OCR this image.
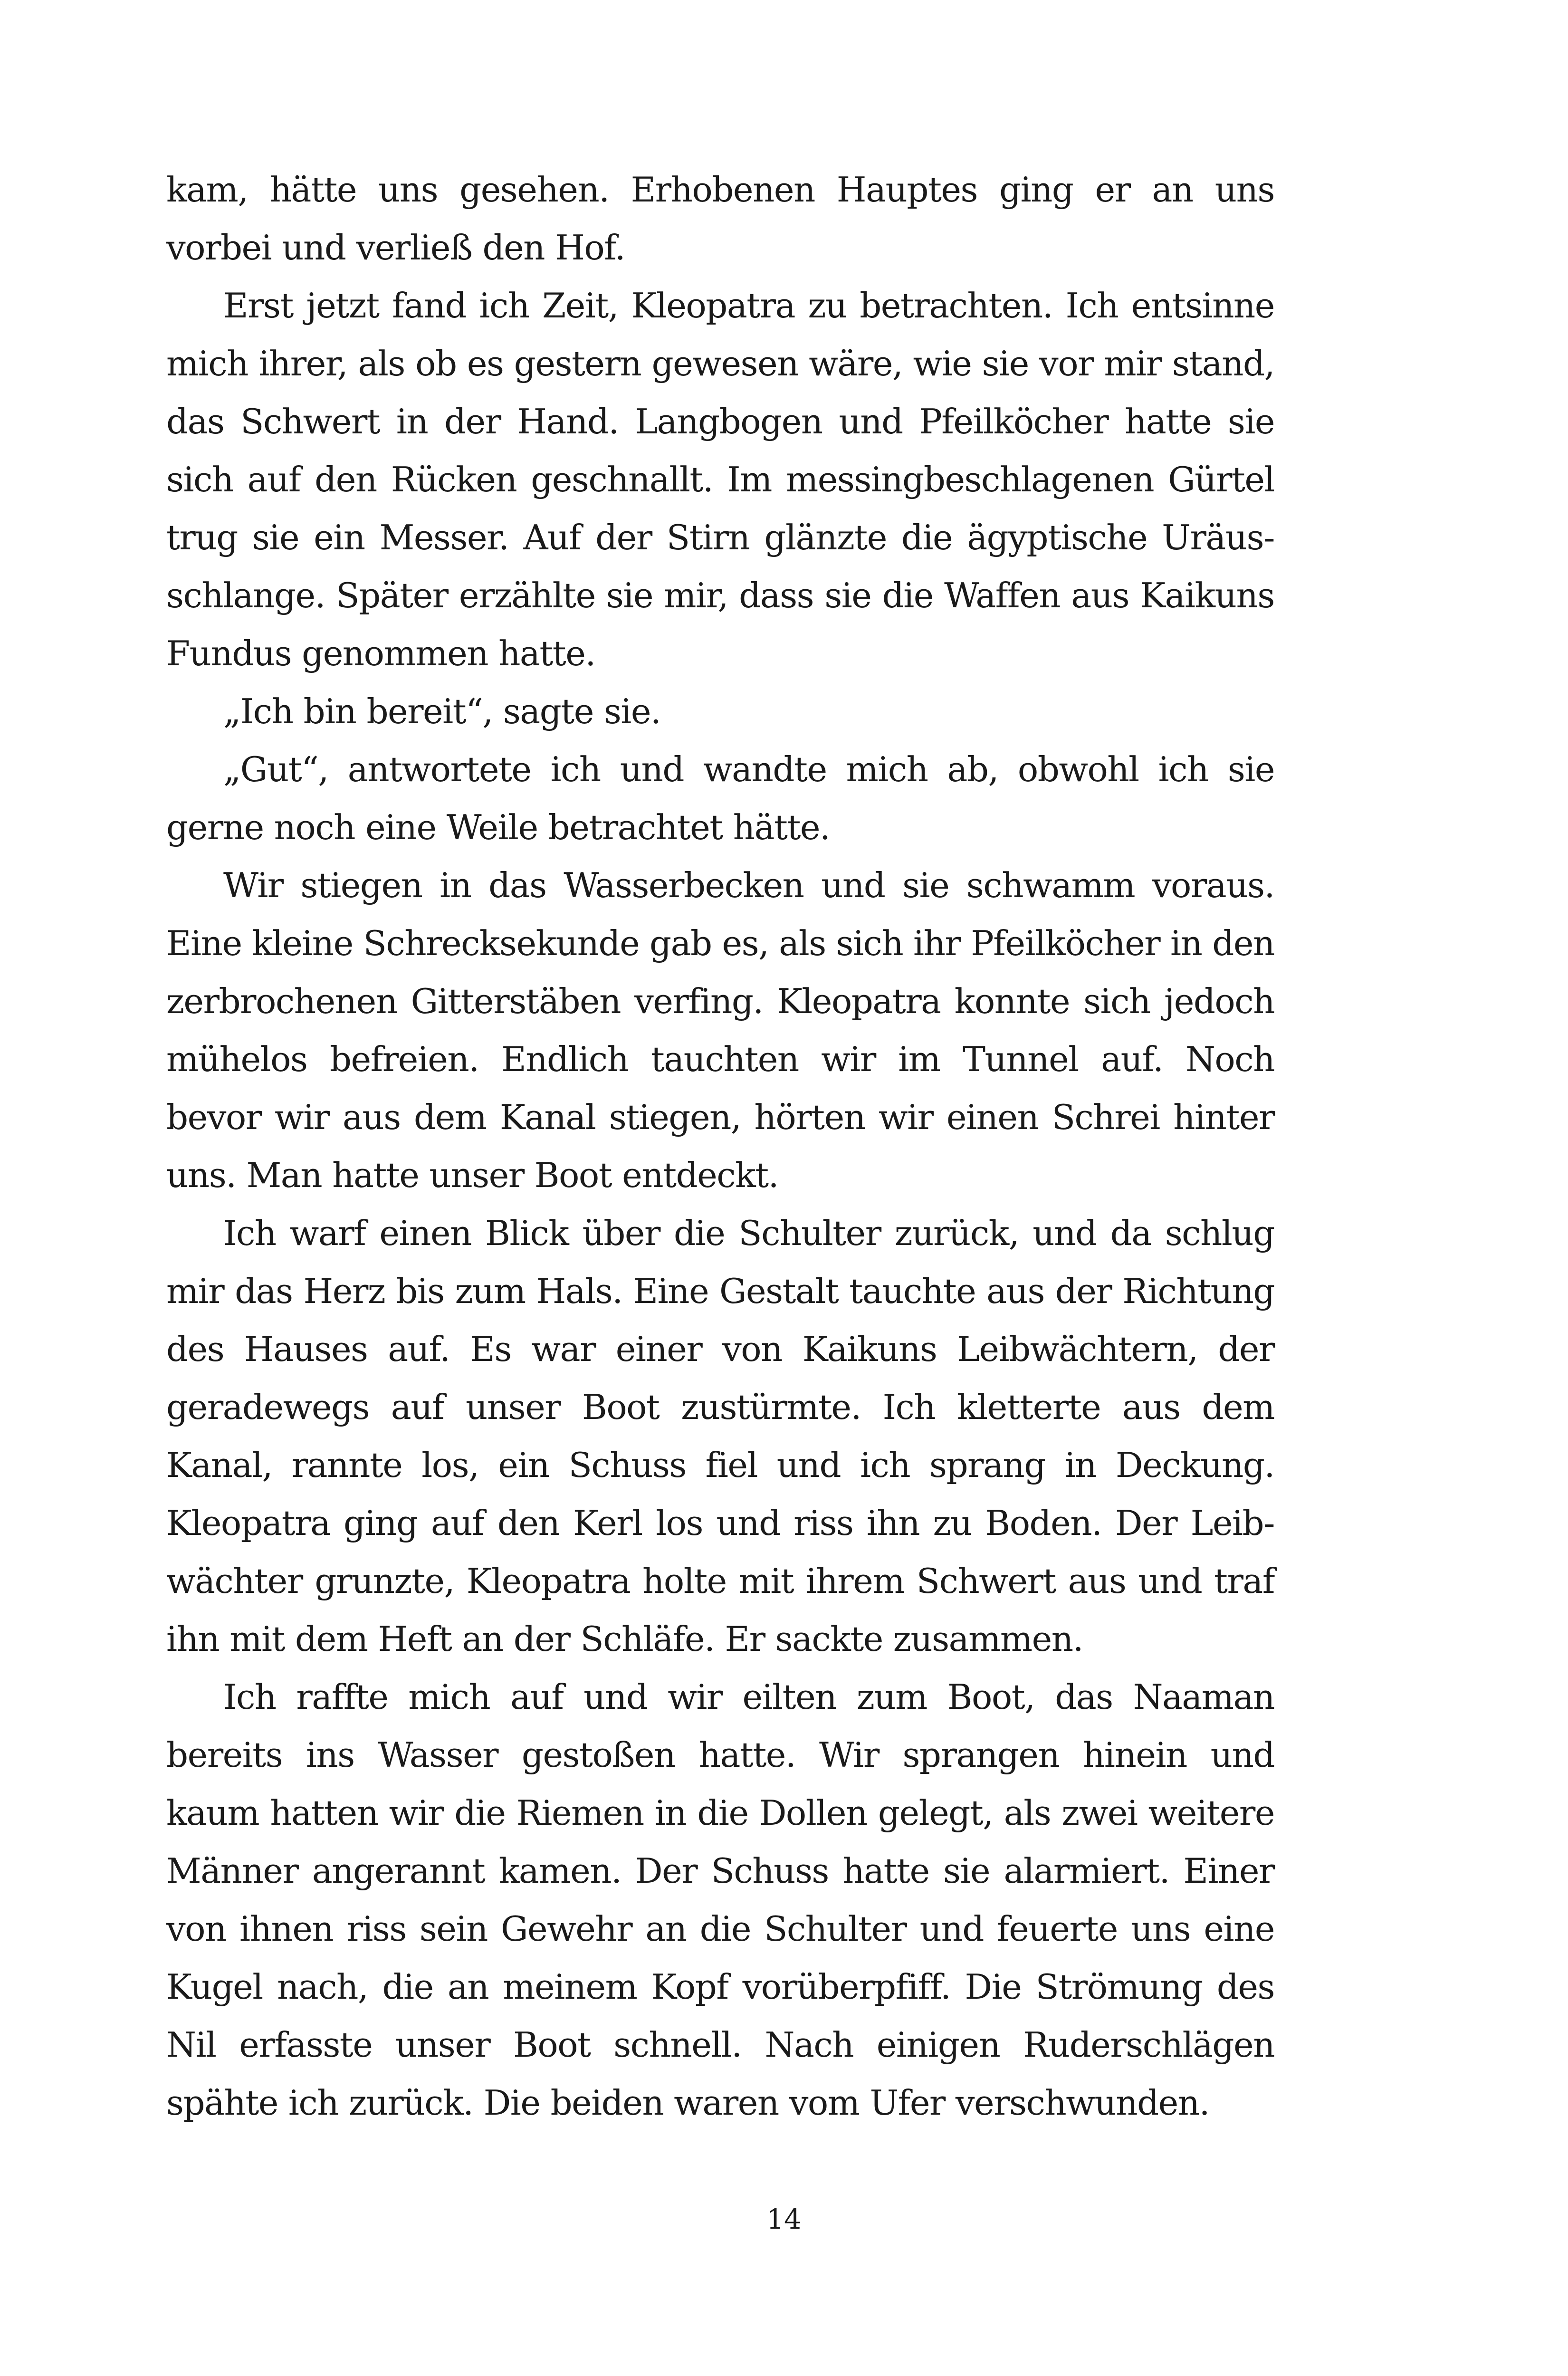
kam, hätte uns gesehen. Erhobenen Hauptes ging er an uns
vorbei und verließ den Hof.
Erst jetzt fand ich Zeit, Kleopatra zu betrachten. Ich entsinne
mich ihrer, als ob es gestern gewesen wäre, wie sie vor mir stand,
das Schwert in der Hand. Langbogen und Pfeilköcher hatte sie
sich auf den Rücken geschnallt. Im messingbeschlagenen Gürtel
trug sie ein Messer. Auf der Stirn glänzte die ägyptische Uräus-
schlange. Später erzählte sie mir, dass sie die Waffen aus Kaikuns
Fundus genommen hatte.
„Ich bin bereit“, sagte sie.
„Gut“, antwortete ich und wandte mich ab, obwohl ich sie
gerne noch eine Weile betrachtet hätte.
Wir stiegen in das Wasserbecken und sie schwamm voraus.
Eine kleine Schrecksekunde gab es, als sich ihr Pfeilköcher in den
zerbrochenen Gitterstäben verfing. Kleopatra konnte sich jedoch
mühelos befreien. Endlich tauchten wir im Tunnel auf. Noch
bevor wir aus dem Kanal stiegen, hörten wir einen Schrei hinter
uns. Man hatte unser Boot entdeckt.
Ich warf einen Blick über die Schulter zurück, und da schlug
mir das Herz bis zum Hals. Eine Gestalt tauchte aus der Richtung
des Hauses auf. Es war einer von Kaikuns Leibwächtern, der
geradewegs auf unser Boot zustürmte. Ich kletterte aus dem
Kanal, rannte los, ein Schuss fiel und ich sprang in Deckung.
Kleopatra ging auf den Kerl los und riss ihn zu Boden. Der Leib-
wächter grunzte, Kleopatra holte mit ihrem Schwert aus und traf
ihn mit dem Heft an der Schläfe. Er sackte zusammen.
Ich raffte mich auf und wir eilten zum Boot, das Naaman
bereits ins Wasser gestoßen hatte. Wir sprangen hinein und
kaum hatten wir die Riemen in die Dollen gelegt, als zwei weitere
Männer angerannt kamen. Der Schuss hatte sie alarmiert. Einer
von ihnen riss sein Gewehr an die Schulter und feuerte uns eine
Kugel nach, die an meinem Kopf vorüberpfiff. Die Strömung des
Nil erfasste unser Boot schnell. Nach einigen Ruderschlägen
spähte ich zurück. Die beiden waren vom Ufer verschwunden.
14
